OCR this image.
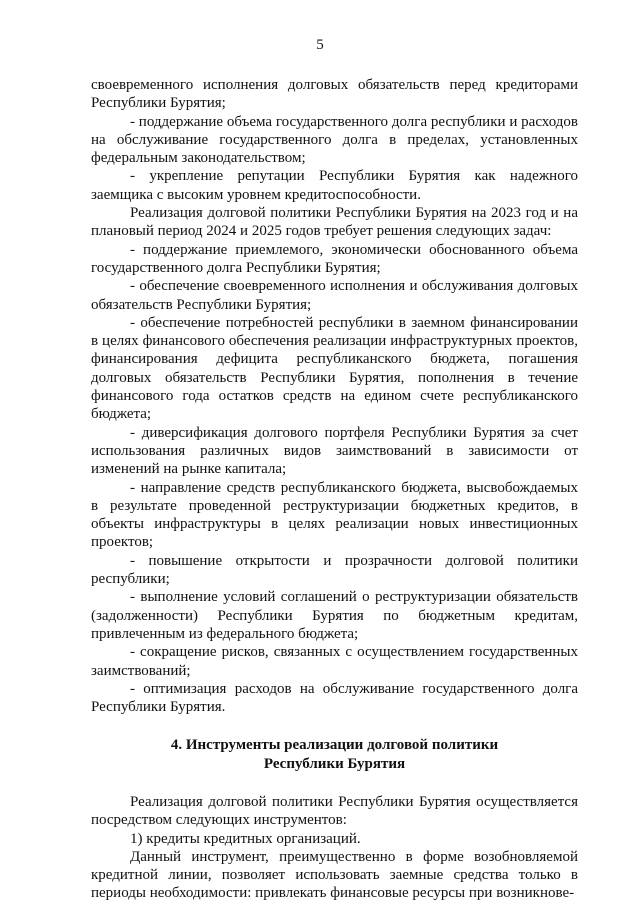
5

своевременного исполнения долговых обязательств перед кредиторами Республики Бурятия;

- поддержание объема государственного долга республики и расходов на обслуживание государственного долга в пределах, установленных федеральным законодательством;

- укрепление репутации Республики Бурятия как надежного заемщика с высоким уровнем кредитоспособности.

Реализация долговой политики Республики Бурятия на 2023 год и на плановый период 2024 и 2025 годов требует решения следующих задач:

- поддержание приемлемого, экономически обоснованного объема государственного долга Республики Бурятия;

- обеспечение своевременного исполнения и обслуживания долговых обязательств Республики Бурятия;

- обеспечение потребностей республики в заемном финансировании в целях финансового обеспечения реализации инфраструктурных проектов, финансирования дефицита республиканского бюджета, погашения долговых обязательств Республики Бурятия, пополнения в течение финансового года остатков средств на едином счете республиканского бюджета;

- диверсификация долгового портфеля Республики Бурятия за счет использования различных видов заимствований в зависимости от изменений на рынке капитала;

- направление средств республиканского бюджета, высвобождаемых в результате проведенной реструктуризации бюджетных кредитов, в объекты инфраструктуры в целях реализации новых инвестиционных проектов;

- повышение открытости и прозрачности долговой политики республики;

- выполнение условий соглашений о реструктуризации обязательств (задолженности) Республики Бурятия по бюджетным кредитам, привлеченным из федерального бюджета;

- сокращение рисков, связанных с осуществлением государственных заимствований;

- оптимизация расходов на обслуживание государственного долга Республики Бурятия.

4. Инструменты реализации долговой политики
Республики Бурятия

Реализация долговой политики Республики Бурятия осуществляется посредством следующих инструментов:

1) кредиты кредитных организаций.

Данный инструмент, преимущественно в форме возобновляемой кредитной линии, позволяет использовать заемные средства только в периоды необходимости: привлекать финансовые ресурсы при возникнове-
